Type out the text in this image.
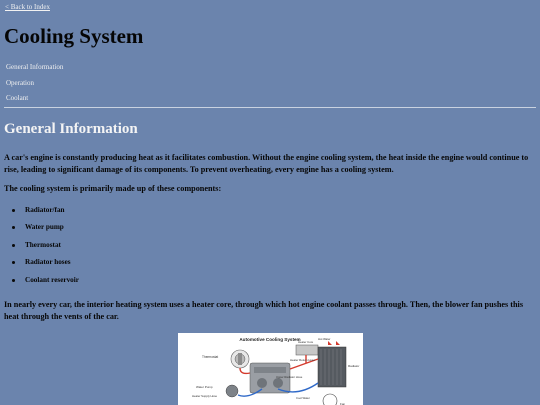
< Back to Index
Cooling System
General Information
Operation
Coolant
General Information

A car's engine is constantly producing heat as it facilitates combustion. Without the engine cooling system, the heat inside the engine would continue to rise, leading to significant damage of its components. To prevent overheating, every engine has a cooling system.

The cooling system is primarily made up of these components:

Radiator/fan
Water pump
Thermostat
Radiator hoses
Coolant reservoir

In nearly every car, the interior heating system uses a heater core, through which hot engine coolant passes through. Then, the blower fan pushes this heat through the vents of the car.

Automotive Cooling System
Thermostat
Heater Core
Radiator
Hot Water
Cool Water
Heater Return Hose
Upper Radiator Hose
Water Pump
Heater Supply Hose
Fan
